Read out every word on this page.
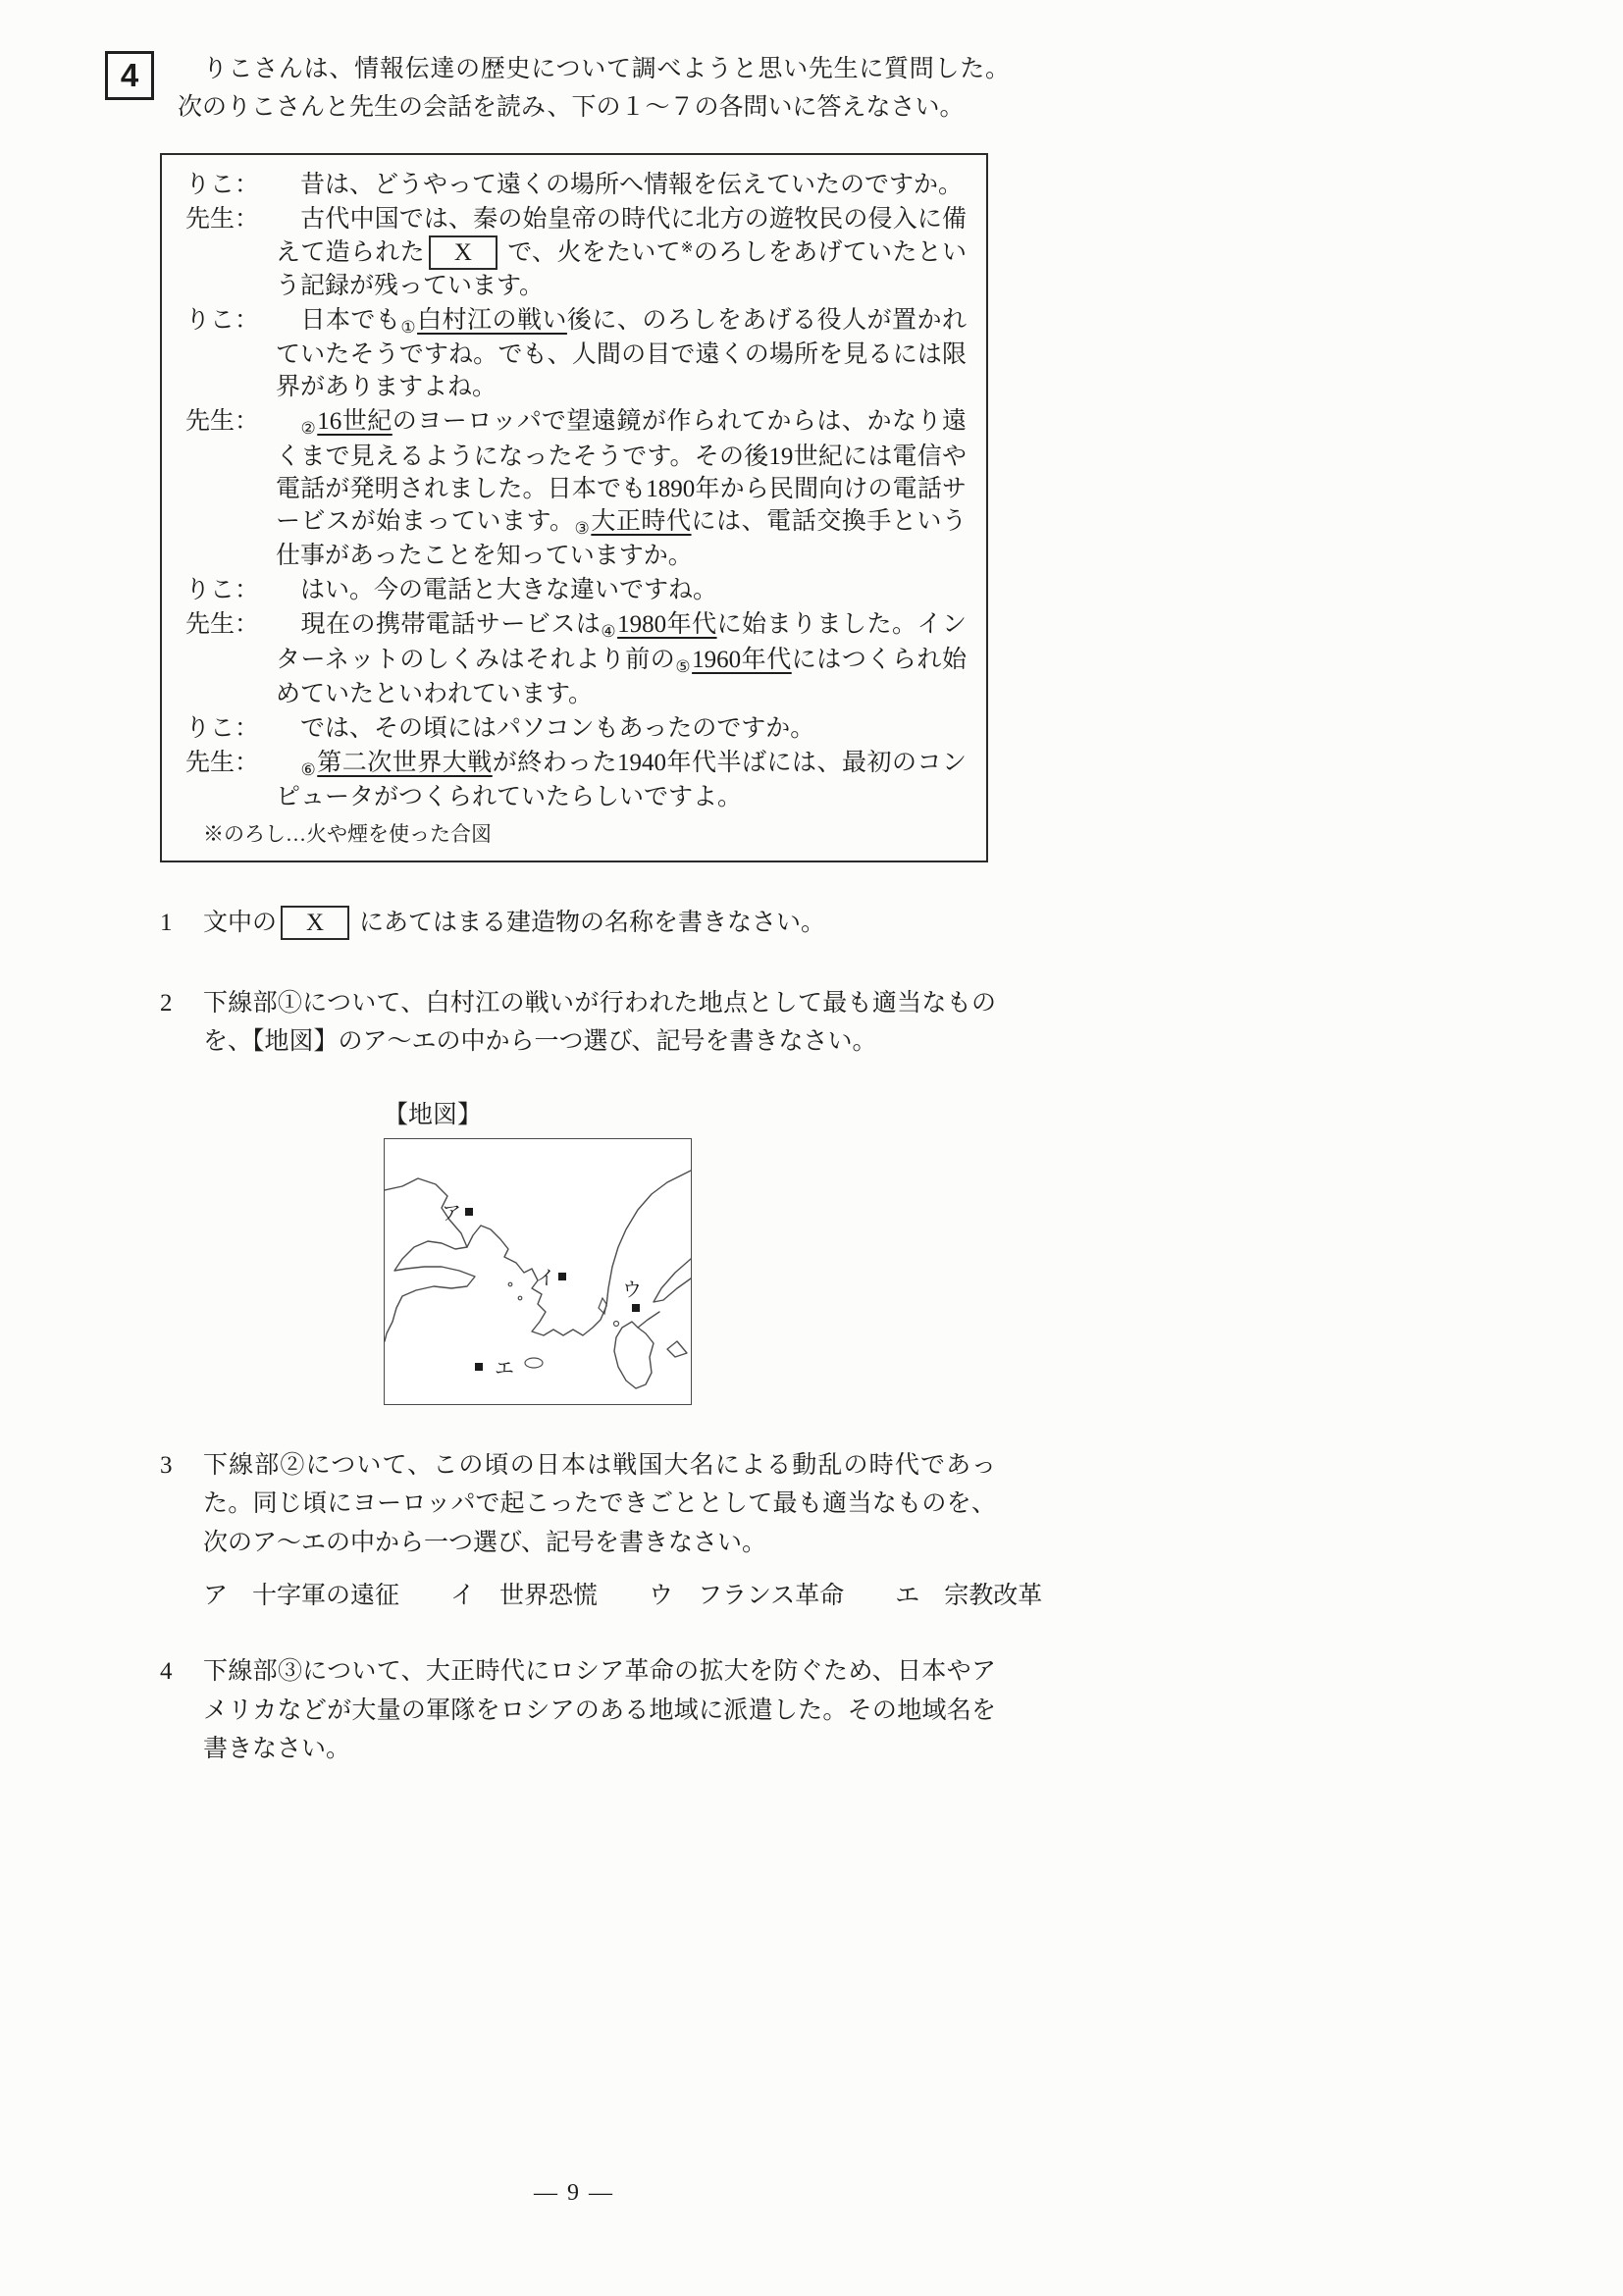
4	　りこさんは、情報伝達の歴史について調べようと思い先生に質問した。次のりこさんと先生の会話を読み、下の１～７の各問いに答えなさい。
りこ： 　昔は、どうやって遠くの場所へ情報を伝えていたのですか。
先生： 　古代中国では、秦の始皇帝の時代に北方の遊牧民の侵入に備えて造られた X で、火をたいて※のろしをあげていたという記録が残っています。
りこ： 　日本でも$_①$白村江の戦い後に、のろしをあげる役人が置かれていたそうですね。でも、人間の目で遠くの場所を見るには限界がありますよね。
先生：
　	$_②$16世紀のヨーロッパで望遠鏡が作られてからは、かなり遠くまで見えるようになったそうです。その後19世紀には電信や電話が発明されました。日本でも1890年から民間向けの電話サービスが始まっています。$_③$大正時代には、電話交換手という仕事があったことを知っていますか。
りこ： 　はい。今の電話と大きな違いですね。
先生： 　現在の携帯電話サービスは$_④$1980年代に始まりました。インターネットのしくみはそれより前の$_⑤$1960年代にはつくられ始めていたといわれています。
りこ： 　では、その頃にはパソコンもあったのですか。
先生：
　	$_⑥$第二次世界大戦が終わった1940年代半ばには、最初のコンピュータがつくられていたらしいですよ。
※のろし…火や煙を使った合図
1	文中の X にあてはまる建造物の名称を書きなさい。
2	下線部①について、白村江の戦いが行われた地点として最も適当なものを、【地図】のア～エの中から一つ選び、記号を書きなさい。
【地図】
ア
イ
ウ
エ
3	下線部②について、この頃の日本は戦国大名による動乱の時代であった。同じ頃にヨーロッパで起こったできごととして最も適当なものを、次のア～エの中から一つ選び、記号を書きなさい。
ア　十字軍の遠征 イ　世界恐慌 ウ　フランス革命 エ　宗教改革
4	下線部③について、大正時代にロシア革命の拡大を防ぐため、日本やアメリカなどが大量の軍隊をロシアのある地域に派遣した。その地域名を書きなさい。
— 9 —
